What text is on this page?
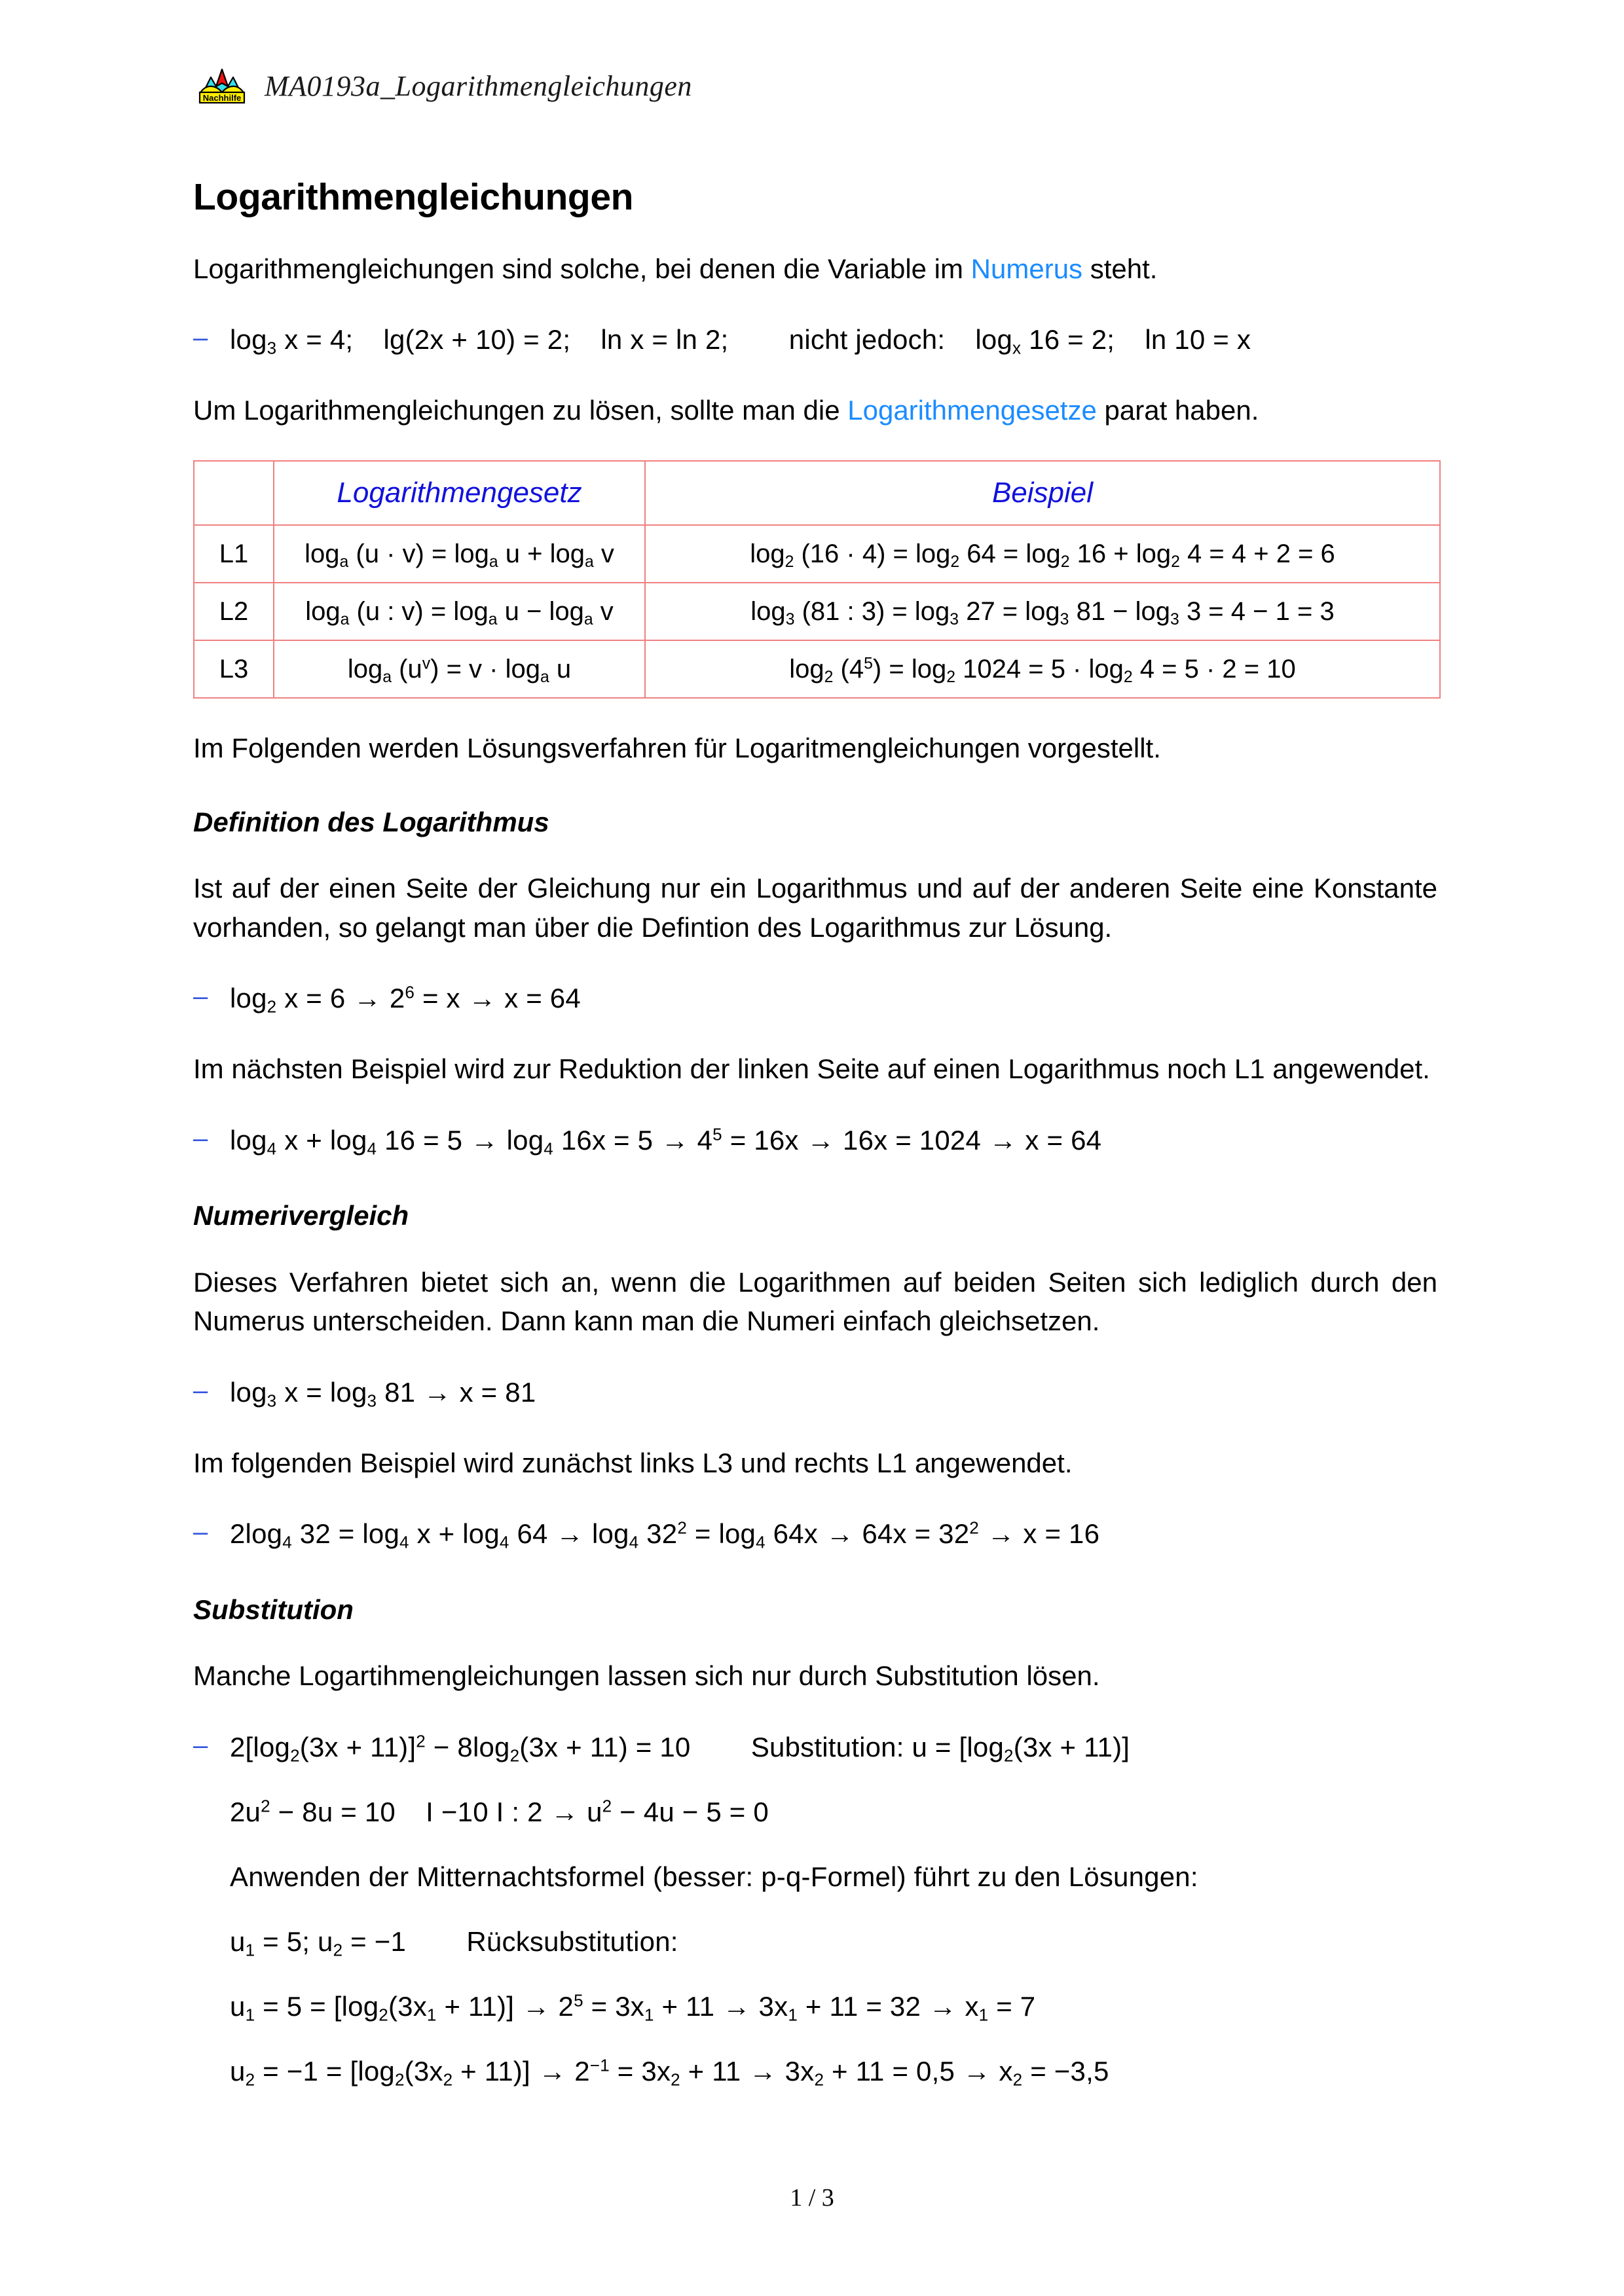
Nachhilfe MA0193a_Logarithmengleichungen
Logarithmengleichungen

Logarithmengleichungen sind solche, bei denen die Variable im Numerus steht.

– $\log_3 x = 4$; lg(2x + 10) = 2; ln x = ln 2; nicht jedoch: $\log_x 16 = 2$; ln 10 = x

Um Logarithmengleichungen zu lösen, sollte man die Logarithmengesetze parat haben.

	Logarithmengesetz	Beispiel
L1	$\log_a (u \cdot v) = \log_a u + \log_a v$	$\log_2 (16 \cdot 4) = \log_2 64 = \log_2 16 + \log_2 4 = 4 + 2 = 6$
L2	$\log_a (u$ : $v) = \log_a u - \log_a v$	$\log_3 (81$ : $3) = \log_3 27 = \log_3 81 - \log_3 3 = 4 - 1 = 3$
L3	$\log_a (u^v) = v \cdot \log_a u$	$\log_2 (4^5) = \log_2 1024 = 5 \cdot \log_2 4 = 5 \cdot 2 = 10$

Im Folgenden werden Lösungsverfahren für Logaritmengleichungen vorgestellt.

Definition des Logarithmus

Ist auf der einen Seite der Gleichung nur ein Logarithmus und auf der anderen Seite eine Konstante vorhanden, so gelangt man über die Defintion des Logarithmus zur Lösung.

– $\log_2 x = 6 \to 2^6 = x \to x = 64$

Im nächsten Beispiel wird zur Reduktion der linken Seite auf einen Logarithmus noch L1 angewendet.

– $\log_4 x + \log_4 16 = 5 \to \log_4 16x = 5 \to 4^5 = 16x \to 16x = 1024 \to x = 64$
Numerivergleich

Dieses Verfahren bietet sich an, wenn die Logarithmen auf beiden Seiten sich lediglich durch den Numerus unterscheiden. Dann kann man die Numeri einfach gleichsetzen.

– $\log_3 x = \log_3 81 \to x = 81$

Im folgenden Beispiel wird zunächst links L3 und rechts L1 angewendet.

– $2\log_4$ $32 = \log_4 x + \log_4 64 \to \log_4 32^2 = \log_4 64x \to 64x = 32^2 \to x = 16$
Substitution

Manche Logartihmengleichungen lassen sich nur durch Substitution lösen.

– $2[\log_2(3x + 11)]^2 - 8\log_2(3x + 11) = 10$ Substitution: $u = [\log_2(3x + 11)]$
$2u^2 - 8u = 10$ I −10 I : $2 \to u^2 - 4u - 5 = 0$
Anwenden der Mitternachtsformel (besser: p-q-Formel) führt zu den Lösungen:
$u_1 = 5$; $u_2 = -1$ Rücksubstitution:
$u_1 = 5 = [\log_2(3x_1 + 11)] \to 2^5 = 3x_1 + 11 \to 3x_1 + 11 = 32 \to x_1 = 7$
$u_2 = -1 = [\log_2(3x_2 + 11)] \to 2^{-1} = 3x_2 + 11 \to 3x_2 + 11 = 0,5 \to x_2 = -3,5$
1 / 3
